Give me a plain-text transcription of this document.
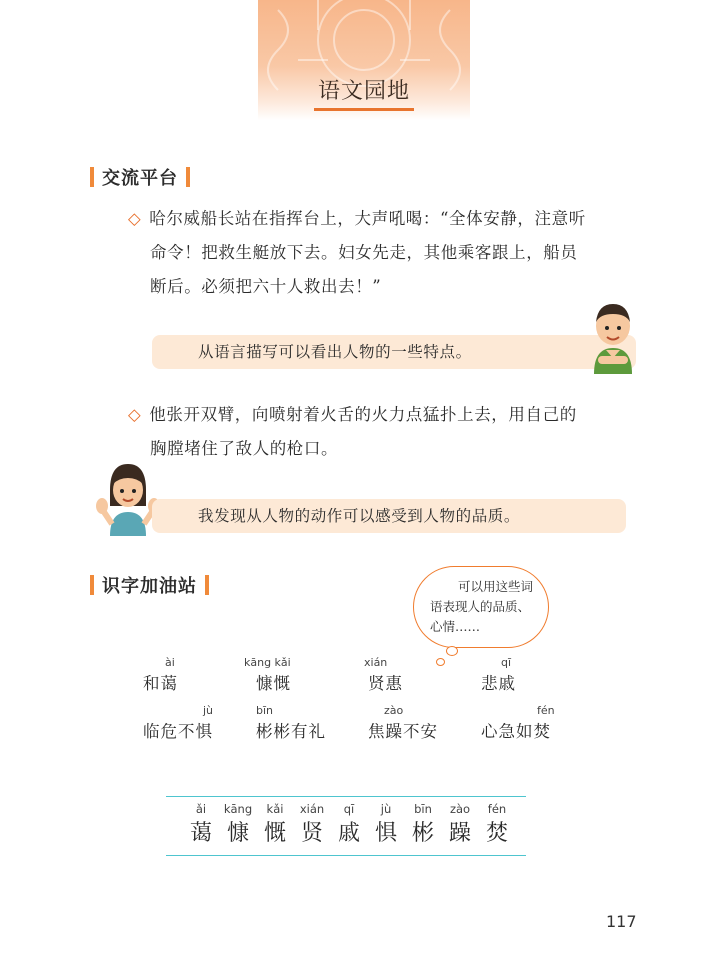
语文园地
交流平台
◇ 哈尔威船长站在指挥台上，大声吼喝：“全体安静，注意听
命令！把救生艇放下去。妇女先走，其他乘客跟上，船员
断后。必须把六十人救出去！”
从语言描写可以看出人物的一些特点。
◇ 他张开双臂，向喷射着火舌的火力点猛扑上去，用自己的
胸膛堵住了敌人的枪口。
我发现从人物的动作可以感受到人物的品质。
识字加油站	可以用这些词
语表现人的品质、
心情……
ài
和蔼
kāng kǎi
慷慨
xián
贤惠
qī
悲戚
jù
临危不惧
bīn
彬彬有礼
zào
焦躁不安
fén
心急如焚
ǎi
蔼
kāng
慷
kǎi
慨
xián
贤
qī
戚
jù
惧
bīn
彬
zào
躁
fén
焚
117
